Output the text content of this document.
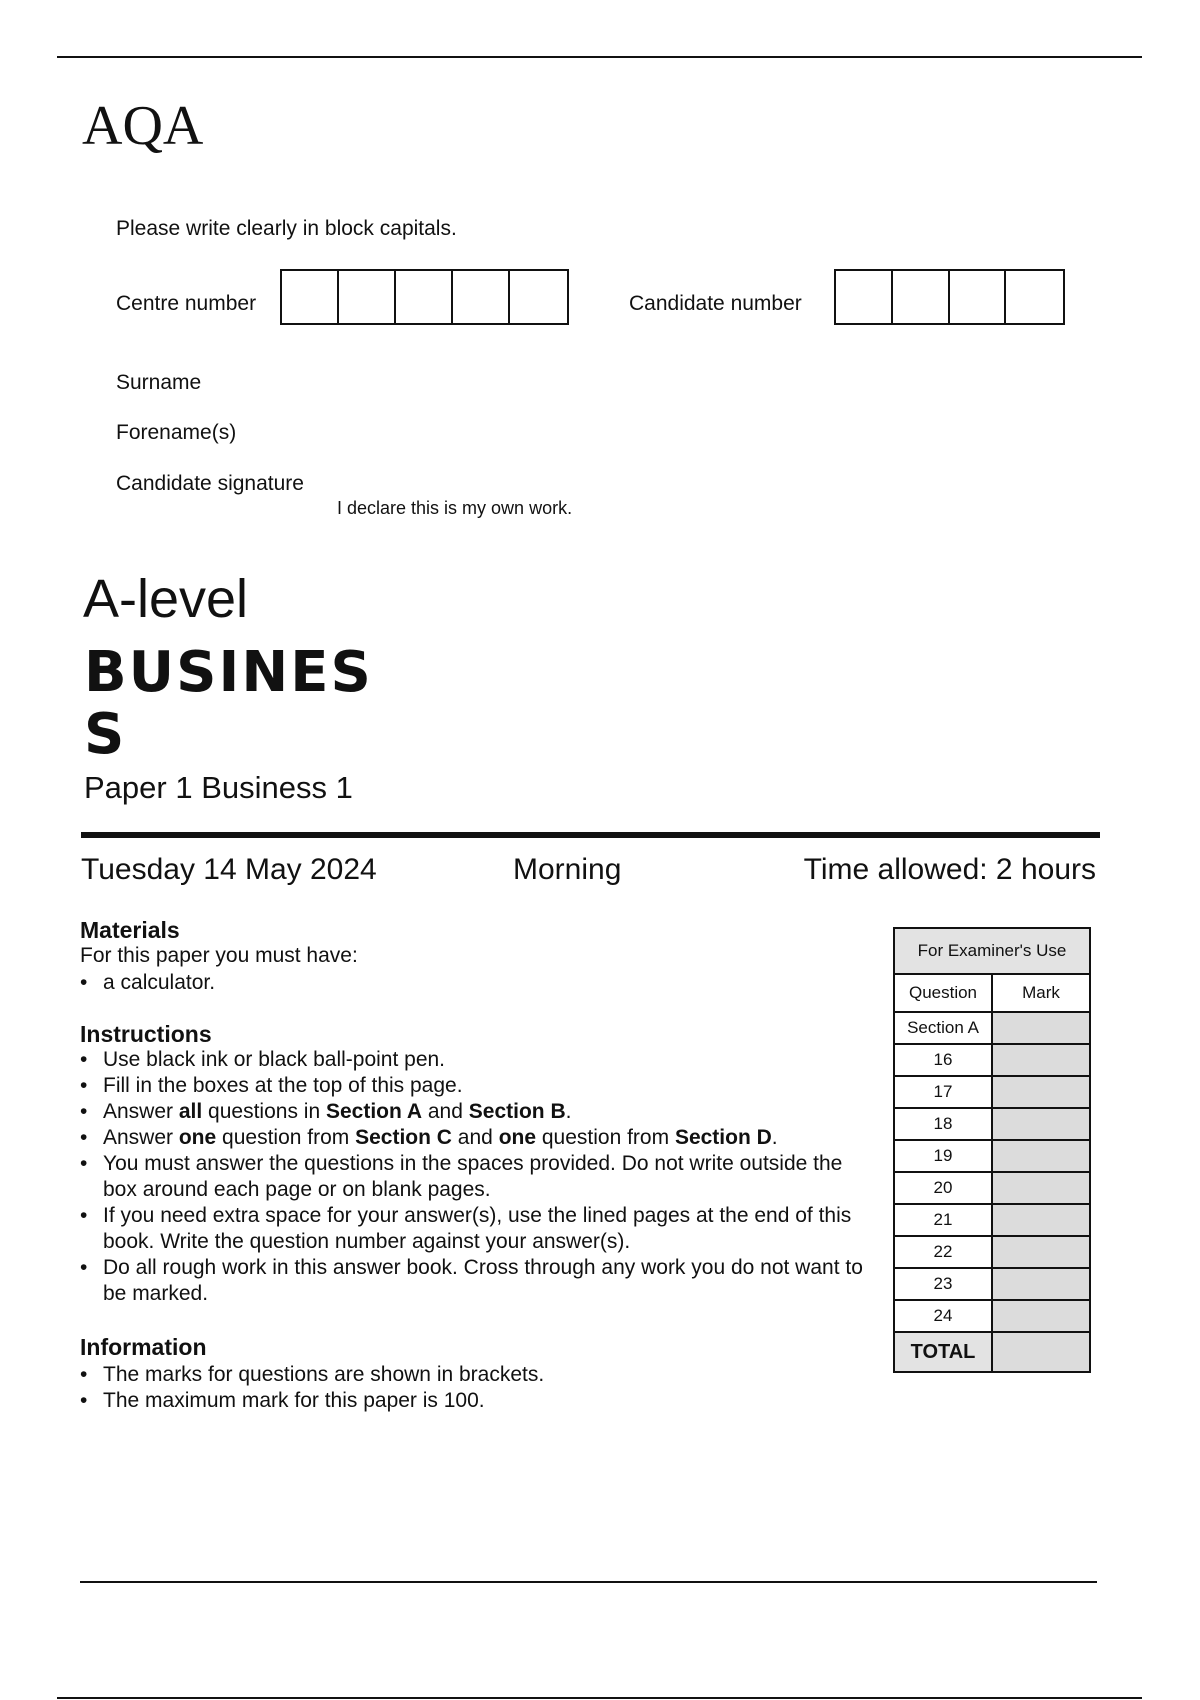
AQA
Please write clearly in block capitals.
Centre number	Candidate number
Surname
Forename(s)
Candidate signature
I declare this is my own work.
A-level
BUSINESS
Paper 1 Business 1
Tuesday 14 May 2024	Morning	Time allowed: 2 hours
Materials
For this paper you must have:
• a calculator.
Instructions
• Use black ink or black ball-point pen.
• Fill in the boxes at the top of this page.
• Answer all questions in Section A and Section B.
• Answer one question from Section C and one question from Section D.
• You must answer the questions in the spaces provided. Do not write outside the box around each page or on blank pages.
• If you need extra space for your answer(s), use the lined pages at the end of this book. Write the question number against your answer(s).
• Do all rough work in this answer book. Cross through any work you do not want to be marked.
Information
• The marks for questions are shown in brackets.
• The maximum mark for this paper is 100.
For Examiner's Use	
Question	Mark
Section A	
16	
17	
18	
19	
20	
21	
22	
23	
24	
TOTAL	
